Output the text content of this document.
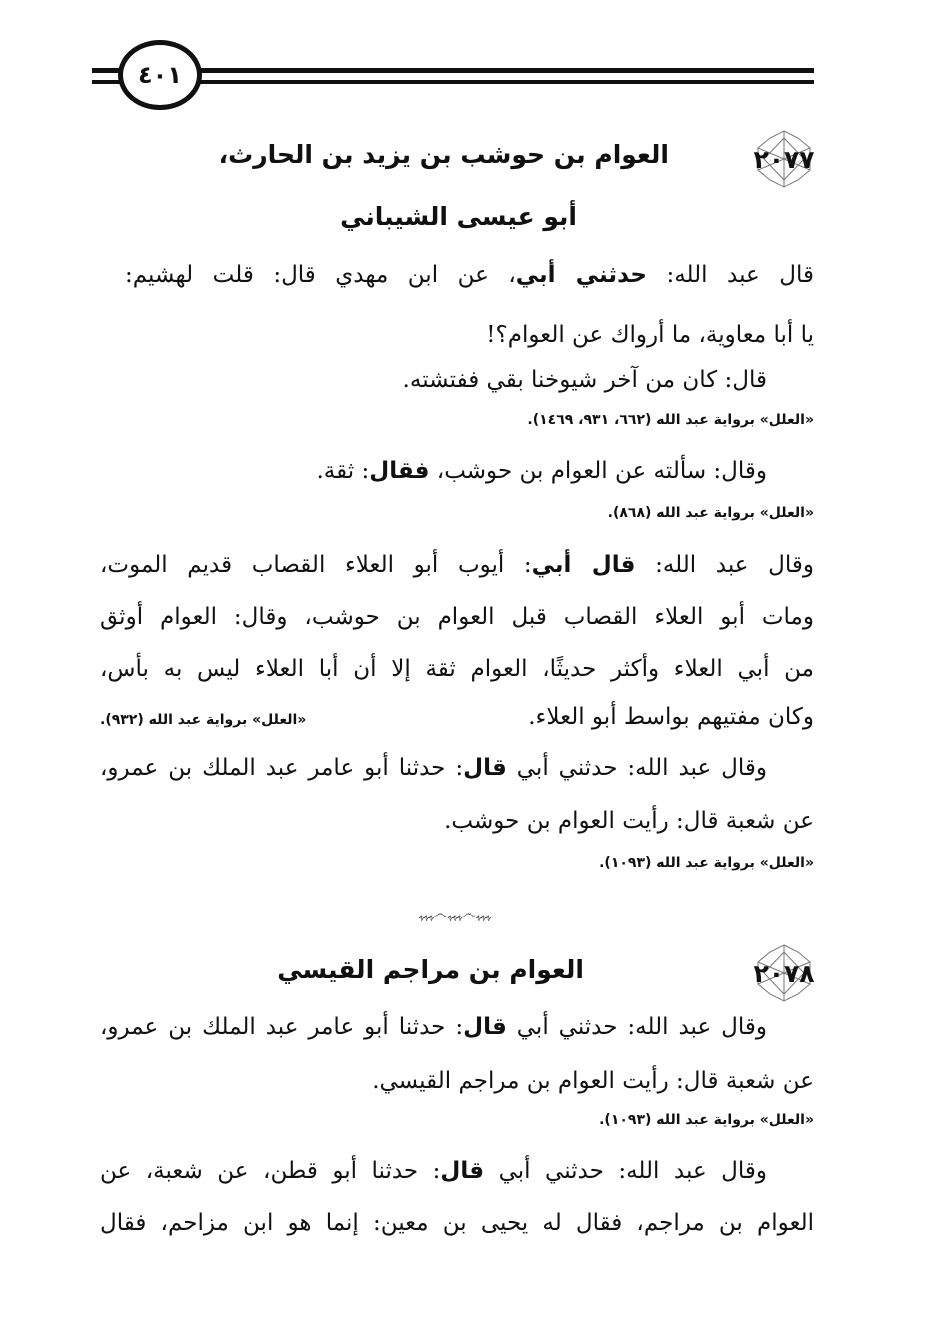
٤٠١
٢٠٧٧
العوام بن حوشب بن يزيد بن الحارث،
أبو عيسى الشيباني
قال عبد الله: حدثني أبي، عن ابن مهدي قال: قلت لهشيم:
يا أبا معاوية، ما أرواك عن العوام؟!
قال: كان من آخر شيوخنا بقي ففتشته.
«العلل» برواية عبد الله (٦٦٢، ٩٣١، ١٤٦٩).
وقال: سألته عن العوام بن حوشب، فقال: ثقة.
«العلل» برواية عبد الله (٨٦٨).
وقال عبد الله: قال أبي: أيوب أبو العلاء القصاب قديم الموت،
ومات أبو العلاء القصاب قبل العوام بن حوشب، وقال: العوام أوثق
من أبي العلاء وأكثر حديثًا، العوام ثقة إلا أن أبا العلاء ليس به بأس،
وكان مفتيهم بواسط أبو العلاء.
«العلل» برواية عبد الله (٩٣٢).
وقال عبد الله: حدثني أبي قال: حدثنا أبو عامر عبد الملك بن عمرو،
عن شعبة قال: رأيت العوام بن حوشب.
«العلل» برواية عبد الله (١٠٩٣).
ﮩﮩﮩ෴ﮩﮩﮩ෴ﮩﮩﮩ
٢٠٧٨
العوام بن مراجم القيسي
وقال عبد الله: حدثني أبي قال: حدثنا أبو عامر عبد الملك بن عمرو،
عن شعبة قال: رأيت العوام بن مراجم القيسي.
«العلل» برواية عبد الله (١٠٩٣).
وقال عبد الله: حدثني أبي قال: حدثنا أبو قطن، عن شعبة، عن
العوام بن مراجم، فقال له يحيى بن معين: إنما هو ابن مزاحم، فقال
